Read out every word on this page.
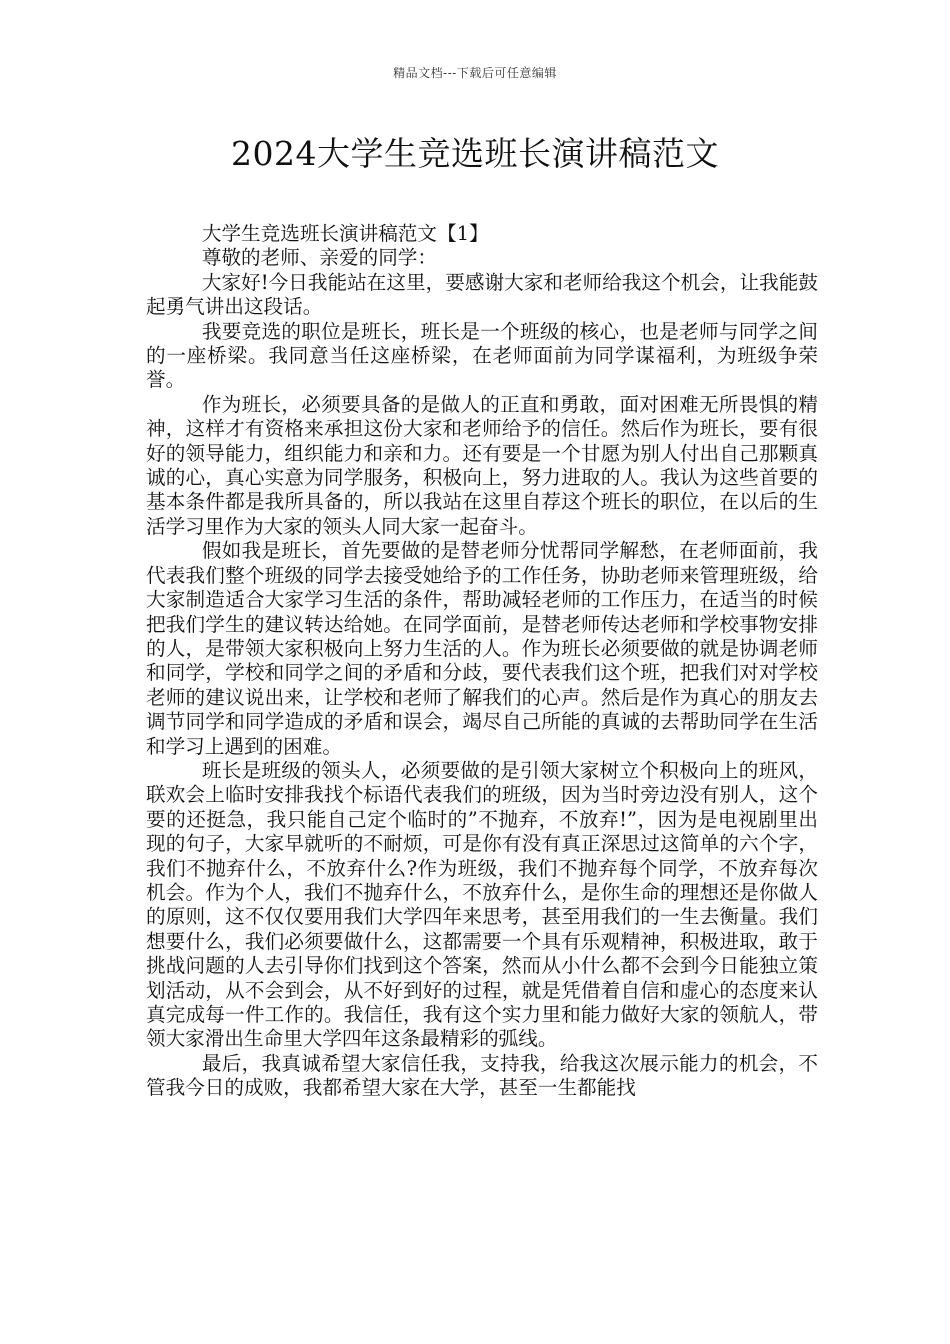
精品文档---下载后可任意编辑
2024大学生竞选班长演讲稿范文

大学生竞选班长演讲稿范文【1】

尊敬的老师、亲爱的同学：

大家好!今日我能站在这里，要感谢大家和老师给我这个机会，让我能鼓起勇气讲出这段话。

我要竞选的职位是班长，班长是一个班级的核心，也是老师与同学之间的一座桥梁。我同意当任这座桥梁，在老师面前为同学谋福利，为班级争荣誉。

作为班长，必须要具备的是做人的正直和勇敢，面对困难无所畏惧的精神，这样才有资格来承担这份大家和老师给予的信任。然后作为班长，要有很好的领导能力，组织能力和亲和力。还有要是一个甘愿为别人付出自己那颗真诚的心，真心实意为同学服务，积极向上，努力进取的人。我认为这些首要的基本条件都是我所具备的，所以我站在这里自荐这个班长的职位，在以后的生活学习里作为大家的领头人同大家一起奋斗。

假如我是班长，首先要做的是替老师分忧帮同学解愁，在老师面前，我代表我们整个班级的同学去接受她给予的工作任务，协助老师来管理班级，给大家制造适合大家学习生活的条件，帮助减轻老师的工作压力，在适当的时候把我们学生的建议转达给她。在同学面前，是替老师传达老师和学校事物安排的人，是带领大家积极向上努力生活的人。作为班长必须要做的就是协调老师和同学，学校和同学之间的矛盾和分歧，要代表我们这个班，把我们对对学校老师的建议说出来，让学校和老师了解我们的心声。然后是作为真心的朋友去调节同学和同学造成的矛盾和误会，竭尽自己所能的真诚的去帮助同学在生活和学习上遇到的困难。

班长是班级的领头人，必须要做的是引领大家树立个积极向上的班风，联欢会上临时安排我找个标语代表我们的班级，因为当时旁边没有别人，这个要的还挺急，我只能自己定个临时的”不抛弃，不放弃!”，因为是电视剧里出现的句子，大家早就听的不耐烦，可是你有没有真正深思过这简单的六个字，我们不抛弃什么，不放弃什么?作为班级，我们不抛弃每个同学，不放弃每次机会。作为个人，我们不抛弃什么，不放弃什么，是你生命的理想还是你做人的原则，这不仅仅要用我们大学四年来思考，甚至用我们的一生去衡量。我们想要什么，我们必须要做什么，这都需要一个具有乐观精神，积极进取，敢于挑战问题的人去引导你们找到这个答案，然而从小什么都不会到今日能独立策划活动，从不会到会，从不好到好的过程，就是凭借着自信和虚心的态度来认真完成每一件工作的。我信任，我有这个实力里和能力做好大家的领航人，带领大家滑出生命里大学四年这条最精彩的弧线。

最后，我真诚希望大家信任我，支持我，给我这次展示能力的机会，不管我今日的成败，我都希望大家在大学，甚至一生都能找
